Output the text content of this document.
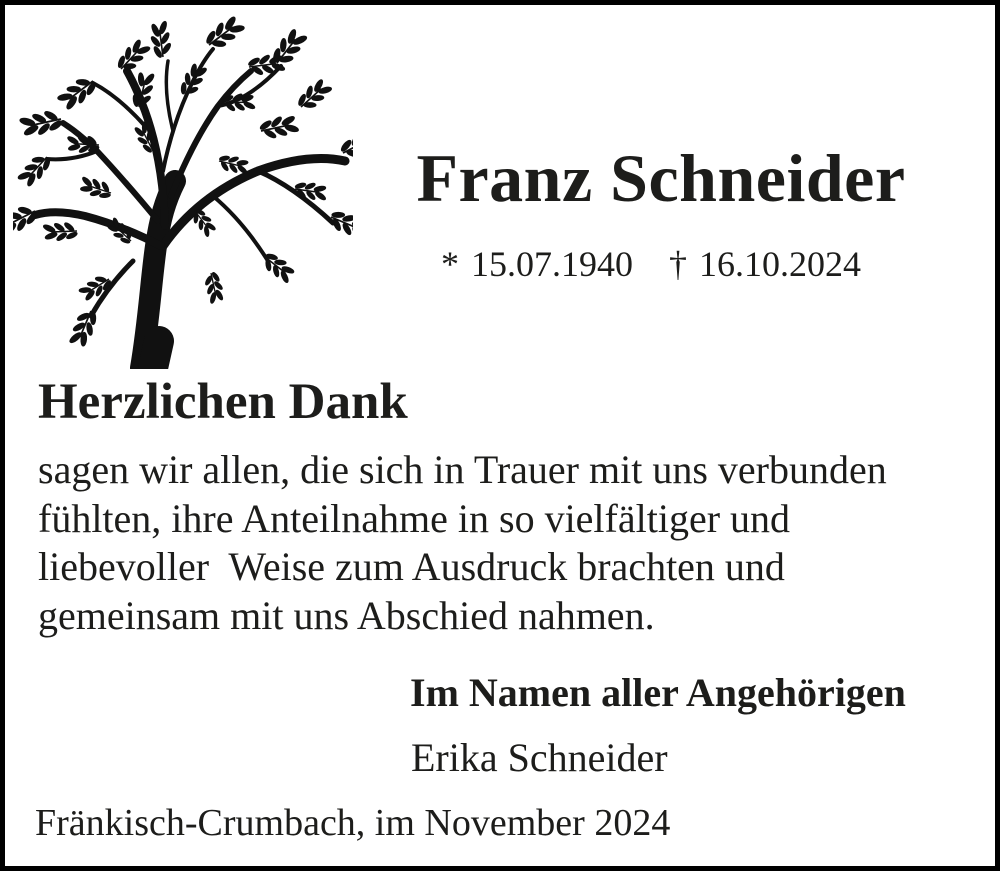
Franz Schneider
* 15.07.1940 † 16.10.2024
Herzlichen Dank
sagen wir allen, die sich in Trauer mit uns verbunden
fühlten, ihre Anteilnahme in so vielfältiger und
liebevoller  Weise zum Ausdruck brachten und
gemeinsam mit uns Abschied nahmen.
Im Namen aller Angehörigen
Erika Schneider
Fränkisch-Crumbach, im November 2024
